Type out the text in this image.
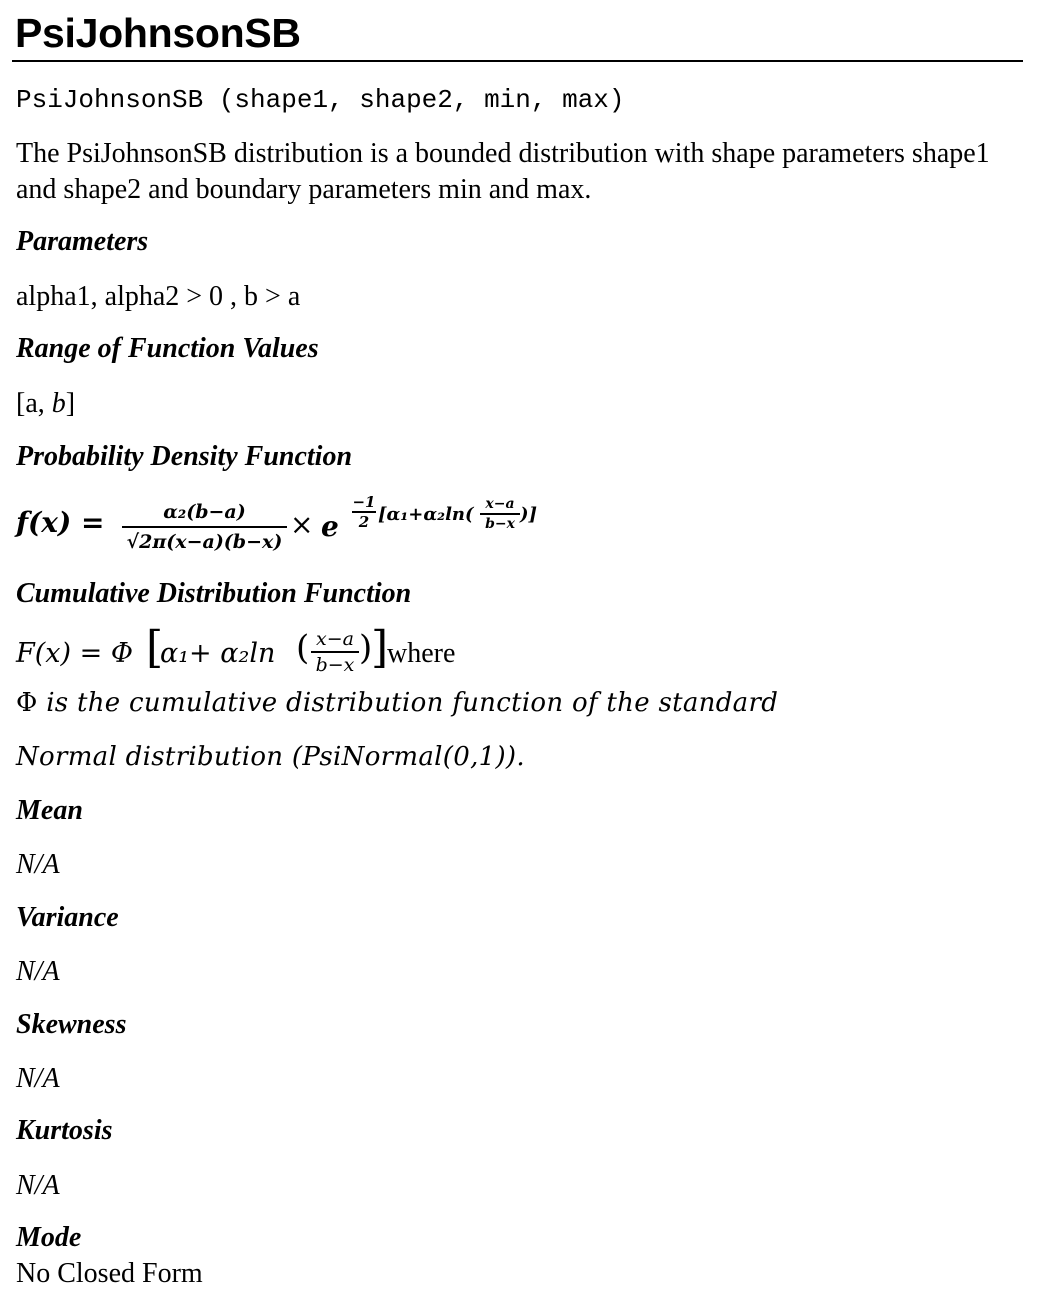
PsiJohnsonSB
PsiJohnsonSB (shape1, shape2, min, max)
The PsiJohnsonSB distribution is a bounded distribution with shape parameters shape1 and shape2 and boundary parameters min and max.
Parameters
alpha1, alpha2 > 0 , b > a
Range of Function Values
[a, b]
Probability Density Function
f(x) =	α₂(b−a)
√2π(x−a)(b−x)
× e
−1
2 [α₁+α₂ln( x−a
b−x )]
Cumulative Distribution Function
F(x) = Φ [
α₁+ α₂ln ( x−a
b−x )
]
where
Φ is the cumulative distribution function of the standard
Normal distribution (PsiNormal(0,1)).
Mean
N/A
Variance
N/A
Skewness
N/A
Kurtosis
N/A
Mode
No Closed Form
